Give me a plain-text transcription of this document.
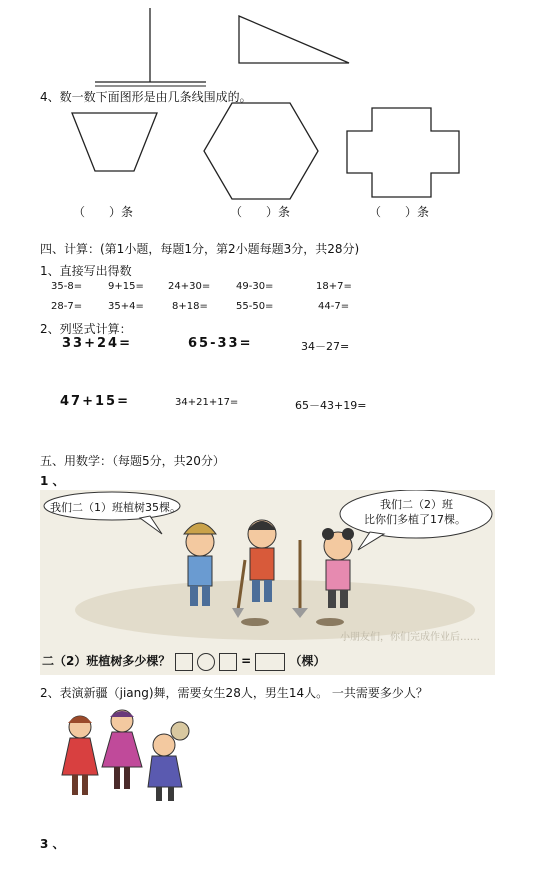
4、数一数下面图形是由几条线围成的。
（　　）条	（　　）条	（　　）条
四、计算：(第1小题，每题1分，第2小题每题3分，共28分)
1、直接写出得数
35-8=	9+15= 24+30=	49-30=	18+7=
28-7=	35+4=	8+18=	55-50=	44-7=
2、列竖式计算：
33+24=	65-33=	34－27=
47+15=	34+21+17=	65－43+19=
五、用数学：（每题5分，共20分）
1 、
我们二（1）班植树35棵。	我们二（2）班
比你们多植了17棵。
小朋友们，你们完成作业后……
二（2）班植树多少棵？	=	（棵）
2、表演新疆（jiang)舞，需要女生28人，男生14人。 一共需要多少人？
3 、
